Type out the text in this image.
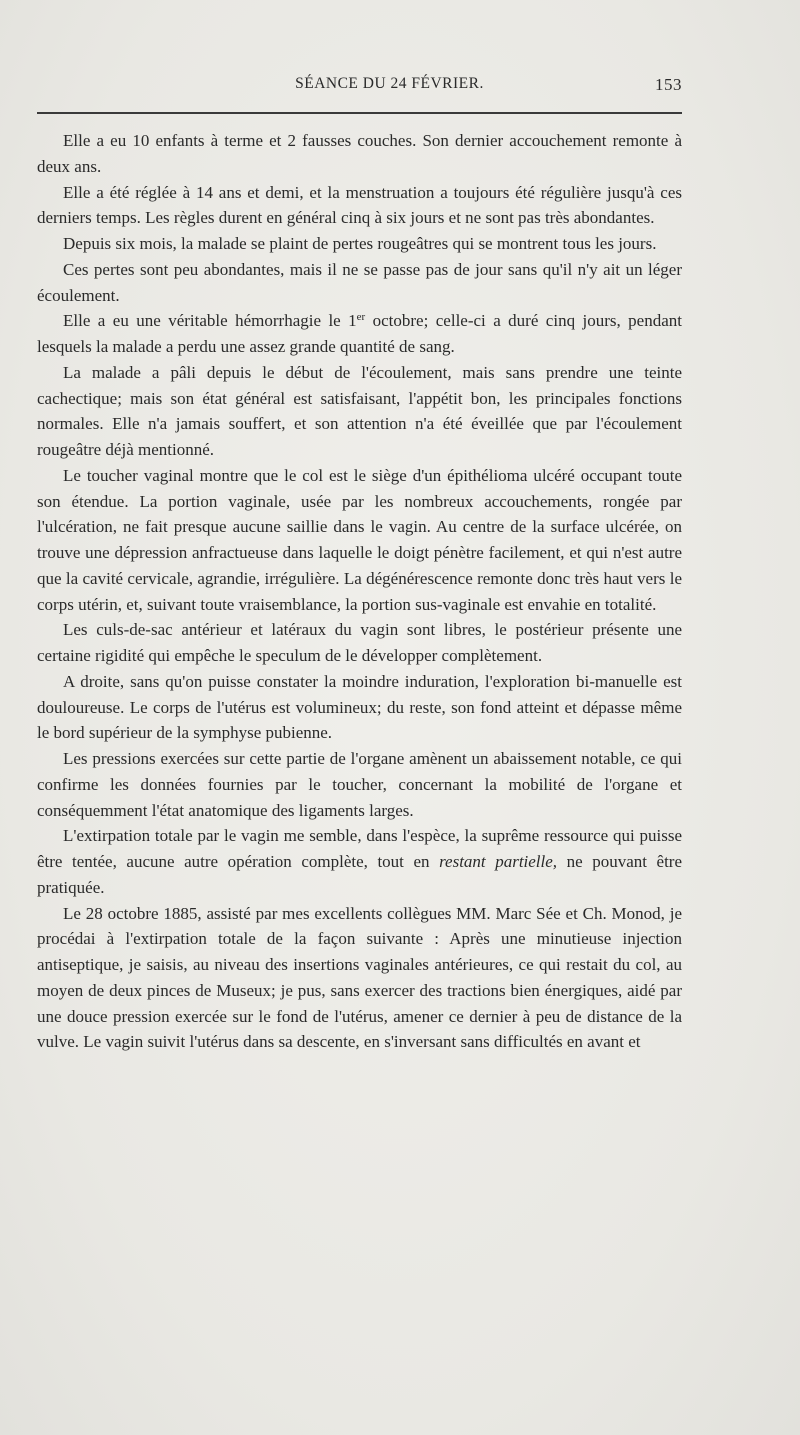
SÉANCE DU 24 FÉVRIER.	153

Elle a eu 10 enfants à terme et 2 fausses couches. Son dernier accouchement remonte à deux ans.

Elle a été réglée à 14 ans et demi, et la menstruation a toujours été régulière jusqu'à ces derniers temps. Les règles durent en général cinq à six jours et ne sont pas très abondantes.

Depuis six mois, la malade se plaint de pertes rougeâtres qui se montrent tous les jours.

Ces pertes sont peu abondantes, mais il ne se passe pas de jour sans qu'il n'y ait un léger écoulement.

Elle a eu une véritable hémorrhagie le 1er octobre; celle-ci a duré cinq jours, pendant lesquels la malade a perdu une assez grande quantité de sang.

La malade a pâli depuis le début de l'écoulement, mais sans prendre une teinte cachectique; mais son état général est satisfaisant, l'appétit bon, les principales fonctions normales. Elle n'a jamais souffert, et son attention n'a été éveillée que par l'écoulement rougeâtre déjà mentionné.

Le toucher vaginal montre que le col est le siège d'un épithélioma ulcéré occupant toute son étendue. La portion vaginale, usée par les nombreux accouchements, rongée par l'ulcération, ne fait presque aucune saillie dans le vagin. Au centre de la surface ulcérée, on trouve une dépression anfractueuse dans laquelle le doigt pénètre facilement, et qui n'est autre que la cavité cervicale, agrandie, irrégulière. La dégénérescence remonte donc très haut vers le corps utérin, et, suivant toute vraisemblance, la portion sus-vaginale est envahie en totalité.

Les culs-de-sac antérieur et latéraux du vagin sont libres, le postérieur présente une certaine rigidité qui empêche le speculum de le développer complètement.

A droite, sans qu'on puisse constater la moindre induration, l'exploration bi-manuelle est douloureuse. Le corps de l'utérus est volumineux; du reste, son fond atteint et dépasse même le bord supérieur de la symphyse pubienne.

Les pressions exercées sur cette partie de l'organe amènent un abaissement notable, ce qui confirme les données fournies par le toucher, concernant la mobilité de l'organe et conséquemment l'état anatomique des ligaments larges.

L'extirpation totale par le vagin me semble, dans l'espèce, la suprême ressource qui puisse être tentée, aucune autre opération complète, tout en restant partielle, ne pouvant être pratiquée.

Le 28 octobre 1885, assisté par mes excellents collègues MM. Marc Sée et Ch. Monod, je procédai à l'extirpation totale de la façon suivante : Après une minutieuse injection antiseptique, je saisis, au niveau des insertions vaginales antérieures, ce qui restait du col, au moyen de deux pinces de Museux; je pus, sans exercer des tractions bien énergiques, aidé par une douce pression exercée sur le fond de l'utérus, amener ce dernier à peu de distance de la vulve. Le vagin suivit l'utérus dans sa descente, en s'inversant sans difficultés en avant et
